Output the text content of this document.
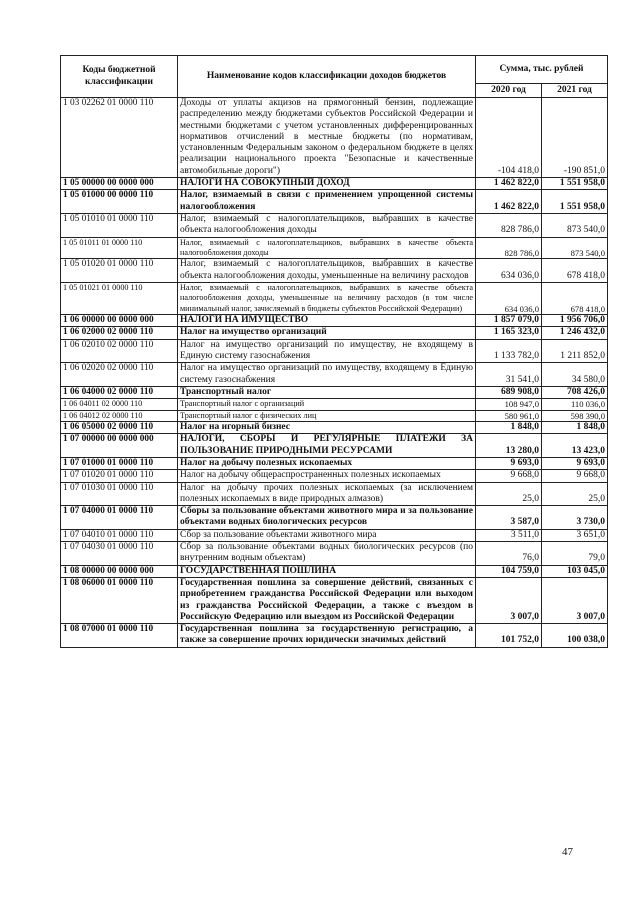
Коды бюджетной классификации	Наименование кодов классификации доходов бюджетов	Сумма, тыс. рублей	
		2020 год	2021 год
1 03 02262 01 0000 110	Доходы от уплаты акцизов на прямогонный бензин, подлежащие распределению между бюджетами субъектов Российской Федерации и местными бюджетами с учетом установленных дифференцированных нормативов отчислений в местные бюджеты (по нормативам, установленным Федеральным законом о федеральном бюджете в целях реализации национального проекта "Безопасные и качественные автомобильные дороги")	-104 418,0	-190 851,0
1 05 00000 00 0000 000	НАЛОГИ НА СОВОКУПНЫЙ ДОХОД	1 462 822,0	1 551 958,0
1 05 01000 00 0000 110	Налог, взимаемый в связи с применением упрощенной системы налогообложения	1 462 822,0	1 551 958,0
1 05 01010 01 0000 110	Налог, взимаемый с налогоплательщиков, выбравших в качестве объекта налогообложения доходы	828 786,0	873 540,0
1 05 01011 01 0000 110	Налог, взимаемый с налогоплательщиков, выбравших в качестве объекта налогообложения доходы	828 786,0	873 540,0
1 05 01020 01 0000 110	Налог, взимаемый с налогоплательщиков, выбравших в качестве объекта налогообложения доходы, уменьшенные на величину расходов	634 036,0	678 418,0
1 05 01021 01 0000 110	Налог, взимаемый с налогоплательщиков, выбравших в качестве объекта налогообложения доходы, уменьшенные на величину расходов (в том числе минимальный налог, зачисляемый в бюджеты субъектов Российской Федерации)	634 036,0	678 418,0
1 06 00000 00 0000 000	НАЛОГИ НА ИМУЩЕСТВО	1 857 079,0	1 956 706,0
1 06 02000 02 0000 110	Налог на имущество организаций	1 165 323,0	1 246 432,0
1 06 02010 02 0000 110	Налог на имущество организаций по имуществу, не входящему в Единую систему газоснабжения	1 133 782,0	1 211 852,0
1 06 02020 02 0000 110	Налог на имущество организаций по имуществу, входящему в Единую систему газоснабжения	31 541,0	34 580,0
1 06 04000 02 0000 110	Транспортный налог	689 908,0	708 426,0
1 06 04011 02 0000 110	Транспортный налог с организаций	108 947,0	110 036,0
1 06 04012 02 0000 110	Транспортный налог с физических лиц	580 961,0	598 390,0
1 06 05000 02 0000 110	Налог на игорный бизнес	1 848,0	1 848,0
1 07 00000 00 0000 000	НАЛОГИ, СБОРЫ И РЕГУЛЯРНЫЕ ПЛАТЕЖИ ЗА ПОЛЬЗОВАНИЕ ПРИРОДНЫМИ РЕСУРСАМИ	13 280,0	13 423,0
1 07 01000 01 0000 110	Налог на добычу полезных ископаемых	9 693,0	9 693,0
1 07 01020 01 0000 110	Налог на добычу общераспространенных полезных ископаемых	9 668,0	9 668,0
1 07 01030 01 0000 110	Налог на добычу прочих полезных ископаемых (за исключением полезных ископаемых в виде природных алмазов)	25,0	25,0
1 07 04000 01 0000 110	Сборы за пользование объектами животного мира и за пользование объектами водных биологических ресурсов	3 587,0	3 730,0
1 07 04010 01 0000 110	Сбор за пользование объектами животного мира	3 511,0	3 651,0
1 07 04030 01 0000 110	Сбор за пользование объектами водных биологических ресурсов (по внутренним водным объектам)	76,0	79,0
1 08 00000 00 0000 000	ГОСУДАРСТВЕННАЯ ПОШЛИНА	104 759,0	103 045,0
1 08 06000 01 0000 110	Государственная пошлина за совершение действий, связанных с приобретением гражданства Российской Федерации или выходом из гражданства Российской Федерации, а также с въездом в Российскую Федерацию или выездом из Российской Федерации	3 007,0	3 007,0
1 08 07000 01 0000 110	Государственная пошлина за государственную регистрацию, а также за совершение прочих юридически значимых действий	101 752,0	100 038,0
47
